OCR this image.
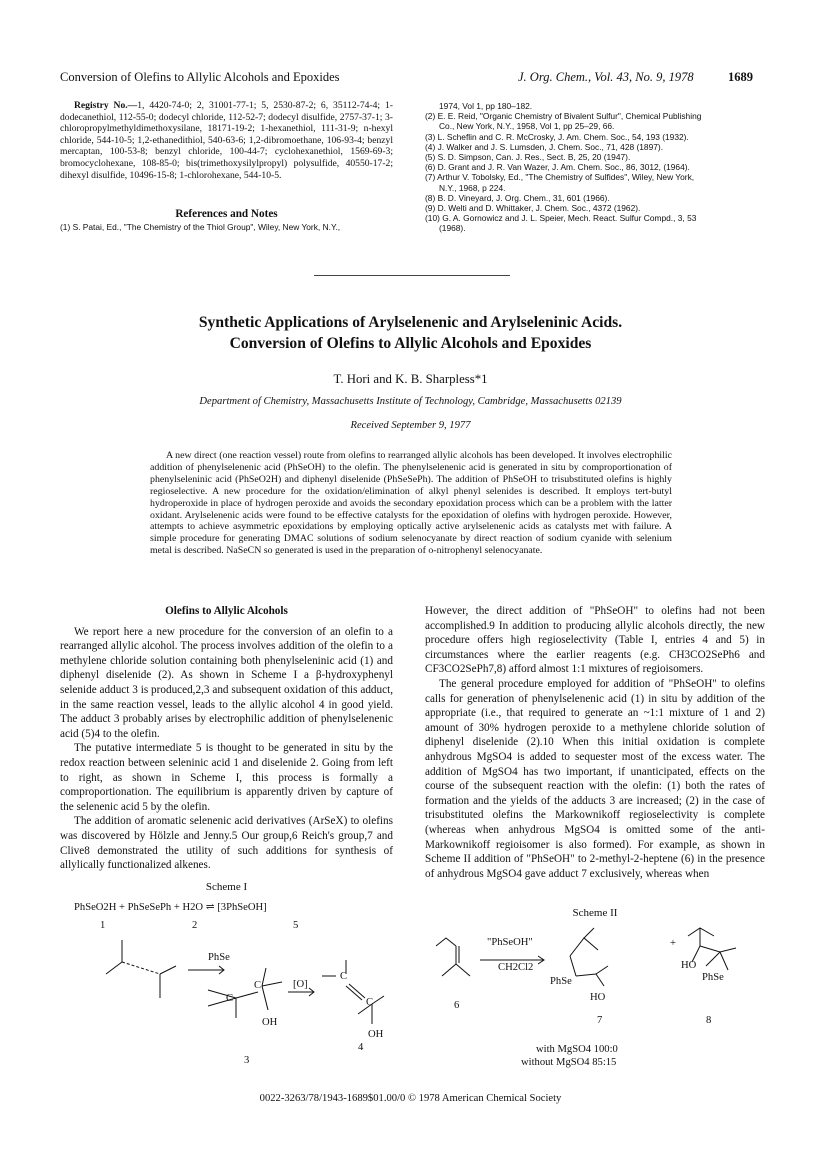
Conversion of Olefins to Allylic Alcohols and Epoxides	J. Org. Chem., Vol. 43, No. 9, 1978	1689
Registry No.—1, 4420-74-0; 2, 31001-77-1; 5, 2530-87-2; 6, 35112-74-4; 1-dodecanethiol, 112-55-0; dodecyl chloride, 112-52-7; dodecyl disulfide, 2757-37-1; 3-chloropropylmethyldimethoxysilane, 18171-19-2; 1-hexanethiol, 111-31-9; n-hexyl chloride, 544-10-5; 1,2-ethanedithiol, 540-63-6; 1,2-dibromoethane, 106-93-4; benzyl mercaptan, 100-53-8; benzyl chloride, 100-44-7; cyclohexanethiol, 1569-69-3; bromocyclohexane, 108-85-0; bis(trimethoxysilylpropyl) polysulfide, 40550-17-2; dihexyl disulfide, 10496-15-8; 1-chlorohexane, 544-10-5.
References and Notes
(1) S. Patai, Ed., "The Chemistry of the Thiol Group", Wiley, New York, N.Y.,
1974, Vol 1, pp 180–182.
(2) E. E. Reid, "Organic Chemistry of Bivalent Sulfur", Chemical Publishing
Co., New York, N.Y., 1958, Vol 1, pp 25–29, 66.
(3) L. Scheflin and C. R. McCrosky, J. Am. Chem. Soc., 54, 193 (1932).
(4) J. Walker and J. S. Lumsden, J. Chem. Soc., 71, 428 (1897).
(5) S. D. Simpson, Can. J. Res., Sect. B, 25, 20 (1947).
(6) D. Grant and J. R. Van Wazer, J. Am. Chem. Soc., 86, 3012, (1964).
(7) Arthur V. Tobolsky, Ed., "The Chemistry of Sulfides", Wiley, New York,
N.Y., 1968, p 224.
(8) B. D. Vineyard, J. Org. Chem., 31, 601 (1966).
(9) D. Welti and D. Whittaker, J. Chem. Soc., 4372 (1962).
(10) G. A. Gornowicz and J. L. Speier, Mech. React. Sulfur Compd., 3, 53
(1968).
Synthetic Applications of Arylselenenic and Arylseleninic Acids.
Conversion of Olefins to Allylic Alcohols and Epoxides
T. Hori and K. B. Sharpless*1
Department of Chemistry, Massachusetts Institute of Technology, Cambridge, Massachusetts 02139
Received September 9, 1977
A new direct (one reaction vessel) route from olefins to rearranged allylic alcohols has been developed. It involves electrophilic addition of phenylselenenic acid (PhSeOH) to the olefin. The phenylselenenic acid is generated in situ by comproportionation of phenylseleninic acid (PhSeO2H) and diphenyl diselenide (PhSeSePh). The addition of PhSeOH to trisubstituted olefins is highly regioselective. A new procedure for the oxidation/elimination of alkyl phenyl selenides is described. It employs tert-butyl hydroperoxide in place of hydrogen peroxide and avoids the secondary epoxidation process which can be a problem with the latter oxidant. Arylselenenic acids were found to be effective catalysts for the epoxidation of olefins with hydrogen peroxide. However, attempts to achieve asymmetric epoxidations by employing optically active arylselenenic acids as catalysts met with failure. A simple procedure for generating DMAC solutions of sodium selenocyanate by direct reaction of sodium cyanide with selenium metal is described. NaSeCN so generated is used in the preparation of o-nitrophenyl selenocyanate.
Olefins to Allylic Alcohols

We report here a new procedure for the conversion of an olefin to a rearranged allylic alcohol. The process involves addition of the olefin to a methylene chloride solution containing both phenylseleninic acid (1) and diphenyl diselenide (2). As shown in Scheme I a β-hydroxyphenyl selenide adduct 3 is produced,2,3 and subsequent oxidation of this adduct, in the same reaction vessel, leads to the allylic alcohol 4 in good yield. The adduct 3 probably arises by electrophilic addition of phenylselenenic acid (5)4 to the olefin.

The putative intermediate 5 is thought to be generated in situ by the redox reaction between seleninic acid 1 and diselenide 2. Going from left to right, as shown in Scheme I, this process is formally a comproportionation. The equilibrium is apparently driven by capture of the selenenic acid 5 by the olefin.

The addition of aromatic selenenic acid derivatives (ArSeX) to olefins was discovered by Hölzle and Jenny.5 Our group,6 Reich's group,7 and Clive8 demonstrated the utility of such additions for synthesis of allylically functionalized alkenes.

However, the direct addition of "PhSeOH" to olefins had not been accomplished.9 In addition to producing allylic alcohols directly, the new procedure offers high regioselectivity (Table I, entries 4 and 5) in circumstances where the earlier reagents (e.g. CH3CO2SePh6 and CF3CO2SePh7,8) afford almost 1:1 mixtures of regioisomers.

The general procedure employed for addition of "PhSeOH" to olefins calls for generation of phenylselenenic acid (1) in situ by addition of the appropriate (i.e., that required to generate an ~1:1 mixture of 1 and 2) amount of 30% hydrogen peroxide to a methylene chloride solution of diphenyl diselenide (2).10 When this initial oxidation is complete anhydrous MgSO4 is added to sequester most of the excess water. The addition of MgSO4 has two important, if unanticipated, effects on the course of the subsequent reaction with the olefin: (1) both the rates of formation and the yields of the adducts 3 are increased; (2) in the case of trisubstituted olefins the Markownikoff regioselectivity is complete (whereas when anhydrous MgSO4 is omitted some of the anti-Markownikoff regioisomer is also formed). For example, as shown in Scheme II addition of "PhSeOH" to 2-methyl-2-heptene (6) in the presence of anhydrous MgSO4 gave adduct 7 exclusively, whereas when

Scheme I
PhSeO2H + PhSeSePh + H2O ⇌ [3PhSeOH]
1	2	5
PhSe
C
C
OH
[O]
C
C
OH
3
4
Scheme II
"PhSeOH"
CH2Cl2
+
PhSe
HO
HO
PhSe
6
7	8
with MgSO4 100:0
without MgSO4 85:15
0022-3263/78/1943-1689$01.00/0 © 1978 American Chemical Society
